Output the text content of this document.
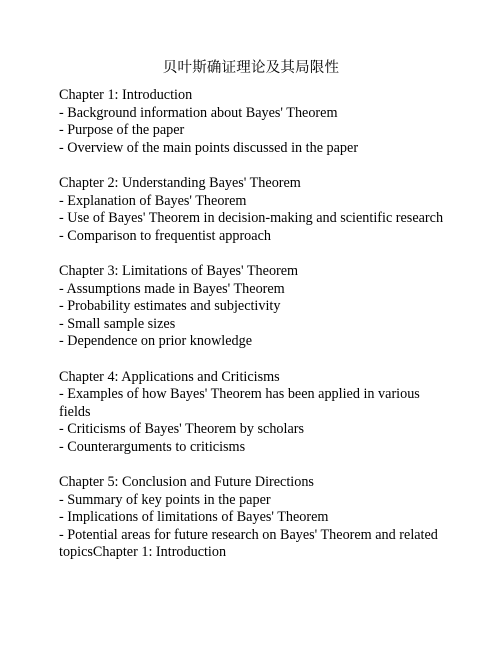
贝叶斯确证理论及其局限性
Chapter 1: Introduction
- Background information about Bayes' Theorem
- Purpose of the paper
- Overview of the main points discussed in the paper
Chapter 2: Understanding Bayes' Theorem
- Explanation of Bayes' Theorem
- Use of Bayes' Theorem in decision-making and scientific research
- Comparison to frequentist approach
Chapter 3: Limitations of Bayes' Theorem
- Assumptions made in Bayes' Theorem
- Probability estimates and subjectivity
- Small sample sizes
- Dependence on prior knowledge
Chapter 4: Applications and Criticisms
- Examples of how Bayes' Theorem has been applied in various fields
- Criticisms of Bayes' Theorem by scholars
- Counterarguments to criticisms
Chapter 5: Conclusion and Future Directions
- Summary of key points in the paper
- Implications of limitations of Bayes' Theorem
- Potential areas for future research on Bayes' Theorem and related topicsChapter 1: Introduction
